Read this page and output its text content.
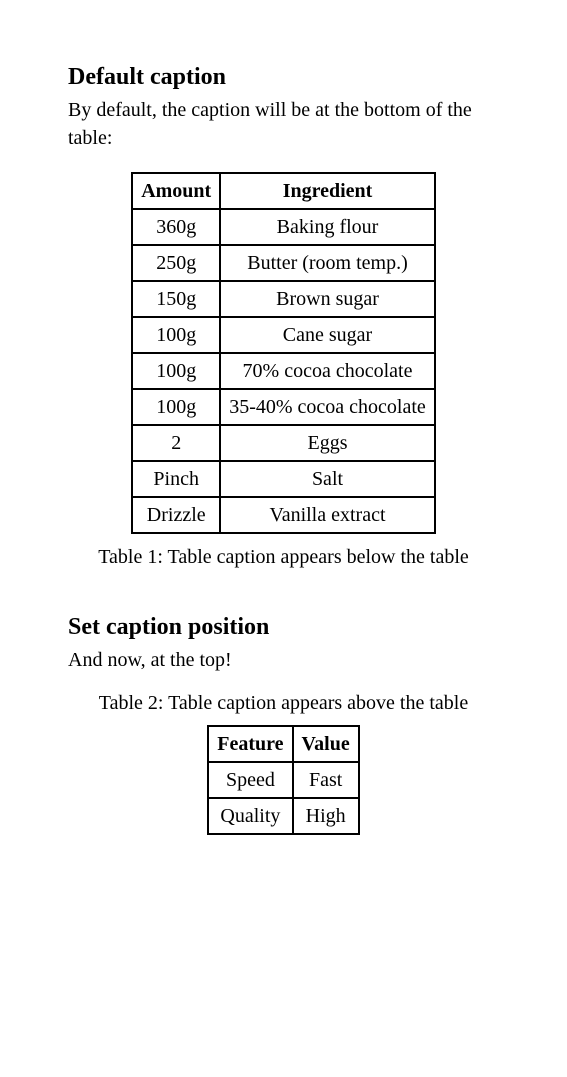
Default caption

By default, the caption will be at the bottom of the table:

Amount	Ingredient
360g	Baking flour
250g	Butter (room temp.)
150g	Brown sugar
100g	Cane sugar
100g	70% cocoa chocolate
100g	35-40% cocoa chocolate
2	Eggs
Pinch	Salt
Drizzle	Vanilla extract
Table 1: Table caption appears below the table
Set caption position

And now, at the top!

Table 2: Table caption appears above the table
Feature	Value
Speed	Fast
Quality	High
